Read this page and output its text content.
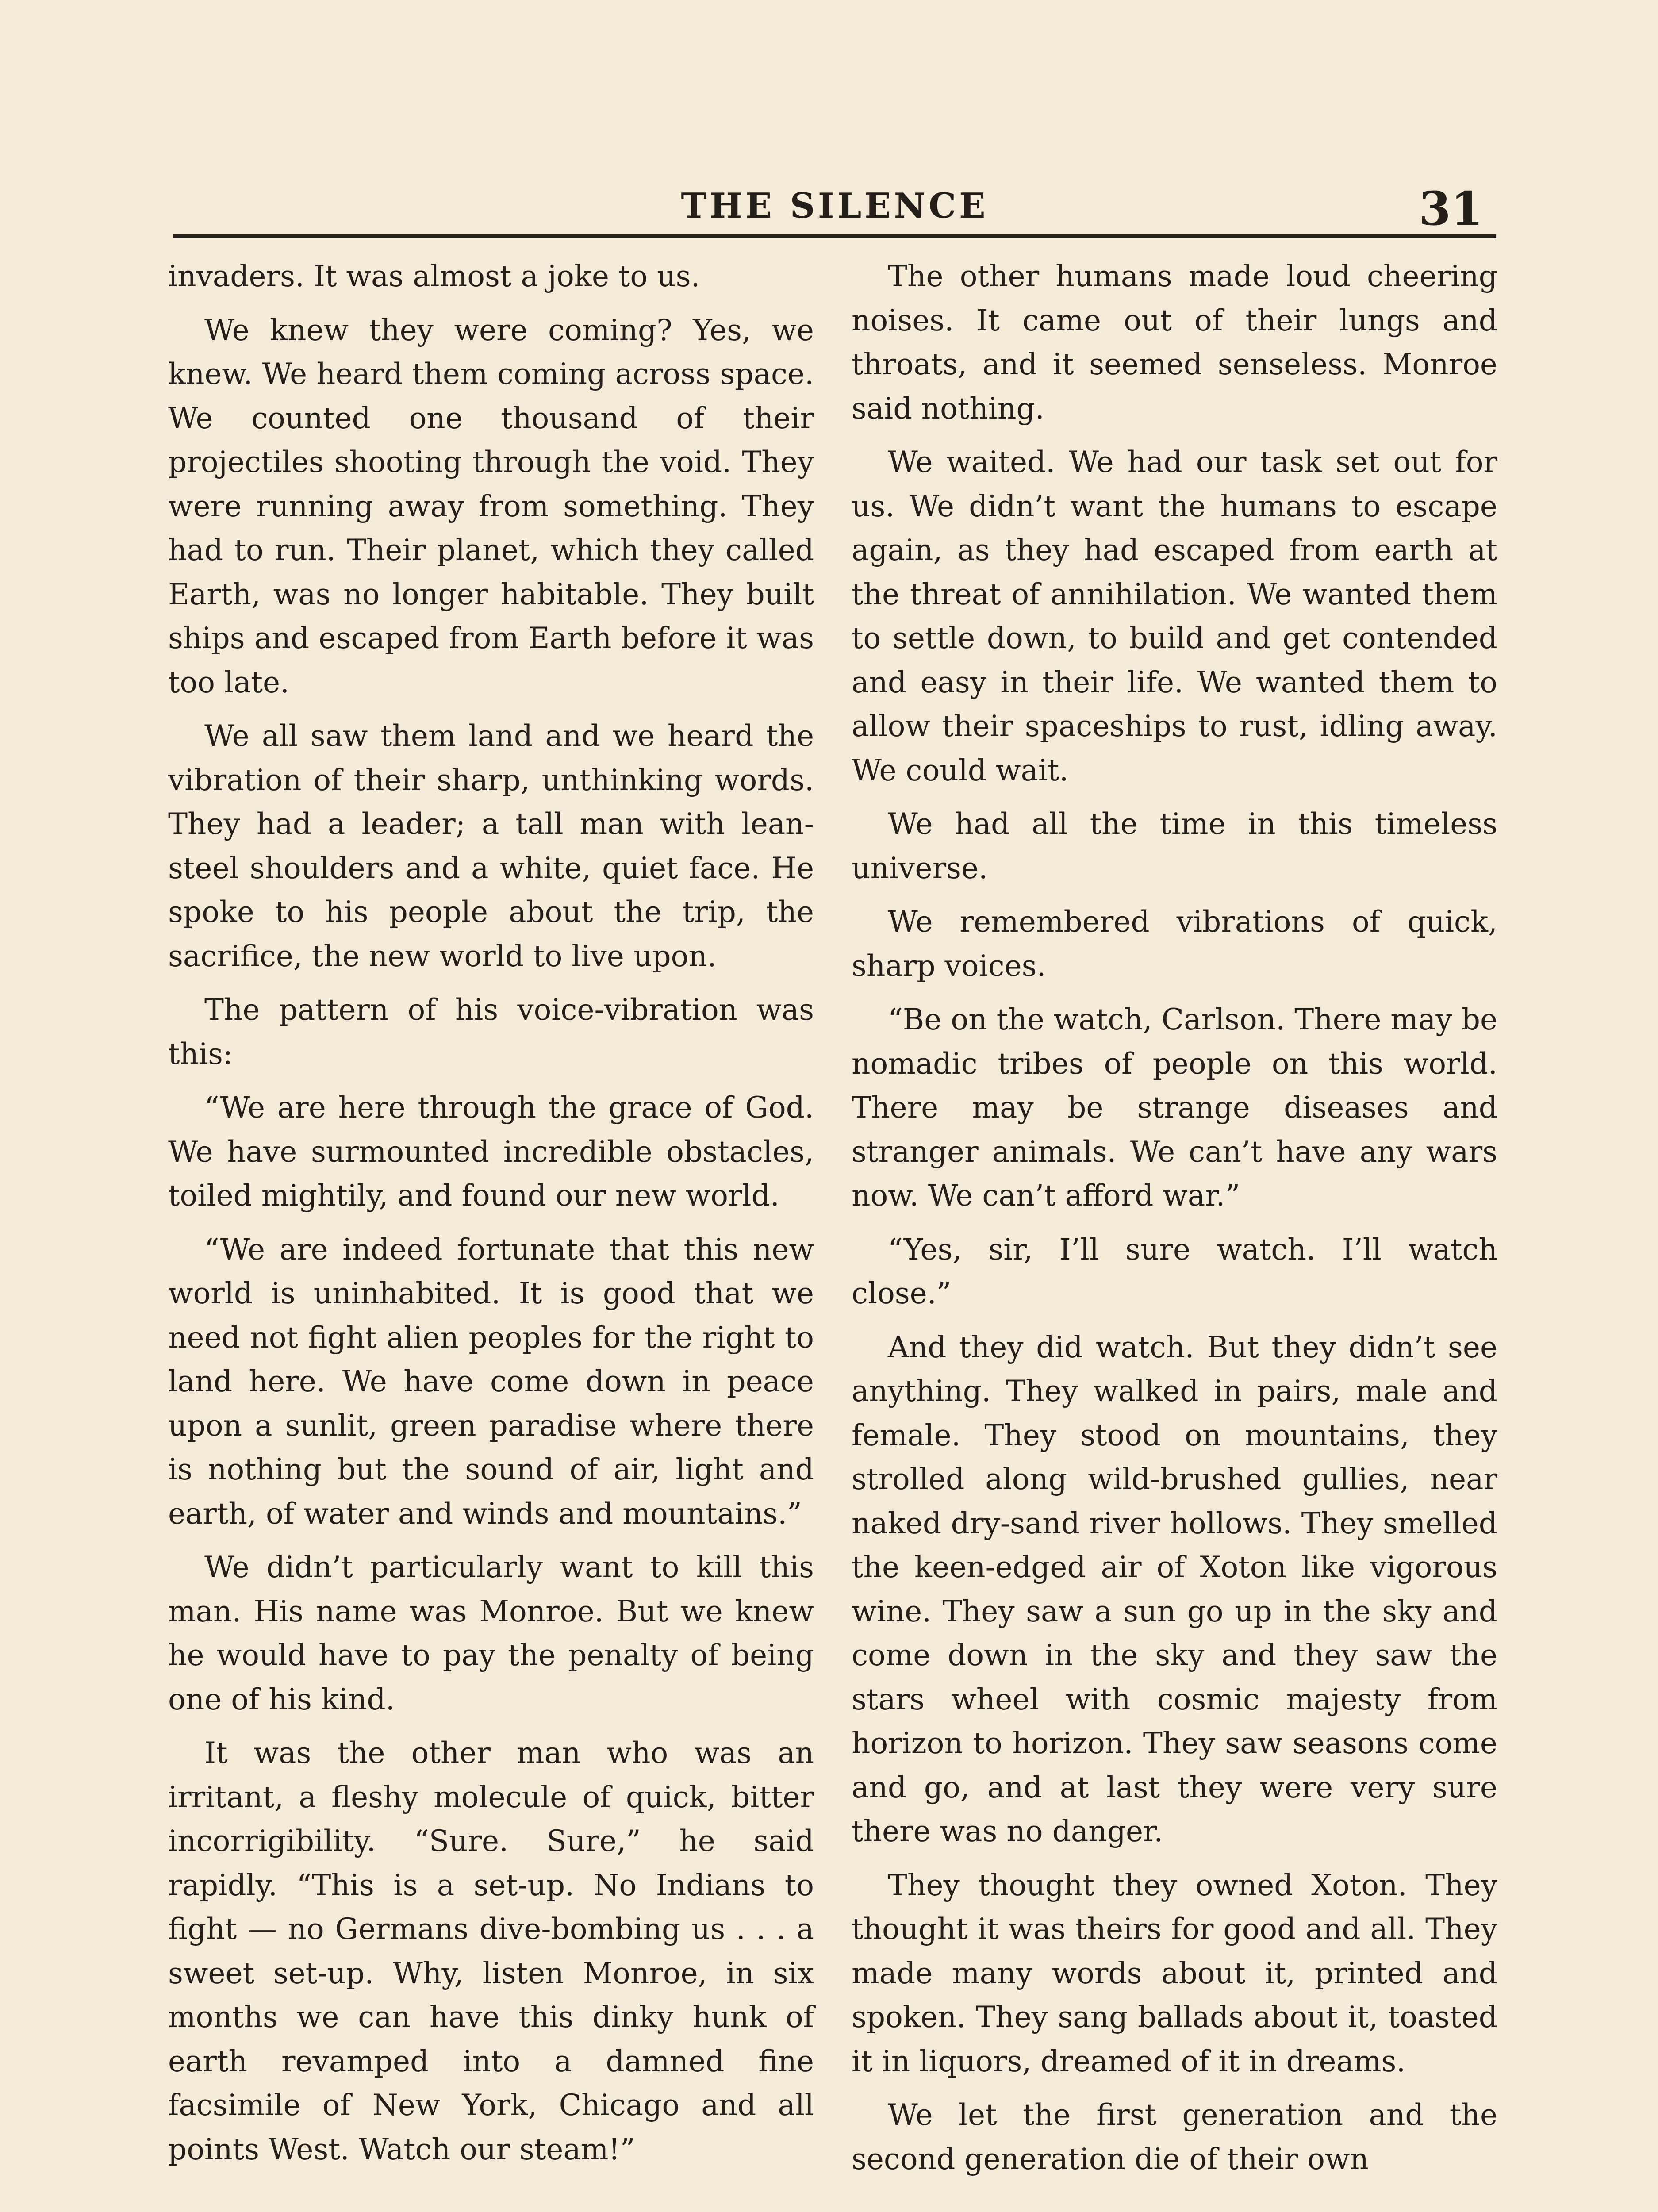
THE SILENCE	31

invaders. It was almost a joke to us.

We knew they were coming? Yes, we knew. We heard them coming across space. We counted one thousand of their projectiles shooting through the void. They were running away from something. They had to run. Their planet, which they called Earth, was no longer habitable. They built ships and escaped from Earth before it was too late.

We all saw them land and we heard the vibration of their sharp, unthinking words. They had a leader; a tall man with lean-steel shoulders and a white, quiet face. He spoke to his people about the trip, the sacrifice, the new world to live upon.

The pattern of his voice-vibration was this:

“We are here through the grace of God. We have surmounted incredible obstacles, toiled mightily, and found our new world.

“We are indeed fortunate that this new world is uninhabited. It is good that we need not fight alien peoples for the right to land here. We have come down in peace upon a sunlit, green paradise where there is nothing but the sound of air, light and earth, of water and winds and mountains.”

We didn’t particularly want to kill this man. His name was Monroe. But we knew he would have to pay the penalty of being one of his kind.

It was the other man who was an irritant, a fleshy molecule of quick, bitter incorrigibility. “Sure. Sure,” he said rapidly. “This is a set-up. No Indians to fight — no Germans dive-bombing us . . . a sweet set-up. Why, listen Monroe, in six months we can have this dinky hunk of earth revamped into a damned fine facsimile of New York, Chicago and all points West. Watch our steam!”

The other humans made loud cheering noises. It came out of their lungs and throats, and it seemed senseless. Monroe said nothing.

We waited. We had our task set out for us. We didn’t want the humans to escape again, as they had escaped from earth at the threat of annihilation. We wanted them to settle down, to build and get contended and easy in their life. We wanted them to allow their spaceships to rust, idling away. We could wait.

We had all the time in this timeless universe.

We remembered vibrations of quick, sharp voices.

“Be on the watch, Carlson. There may be nomadic tribes of people on this world. There may be strange diseases and stranger animals. We can’t have any wars now. We can’t afford war.”

“Yes, sir, I’ll sure watch. I’ll watch close.”

And they did watch. But they didn’t see anything. They walked in pairs, male and female. They stood on mountains, they strolled along wild-brushed gullies, near naked dry-sand river hollows. They smelled the keen-edged air of Xoton like vigorous wine. They saw a sun go up in the sky and come down in the sky and they saw the stars wheel with cosmic majesty from horizon to horizon. They saw seasons come and go, and at last they were very sure there was no danger.

They thought they owned Xoton. They thought it was theirs for good and all. They made many words about it, printed and spoken. They sang ballads about it, toasted it in liquors, dreamed of it in dreams.

We let the first generation and the second generation die of their own
